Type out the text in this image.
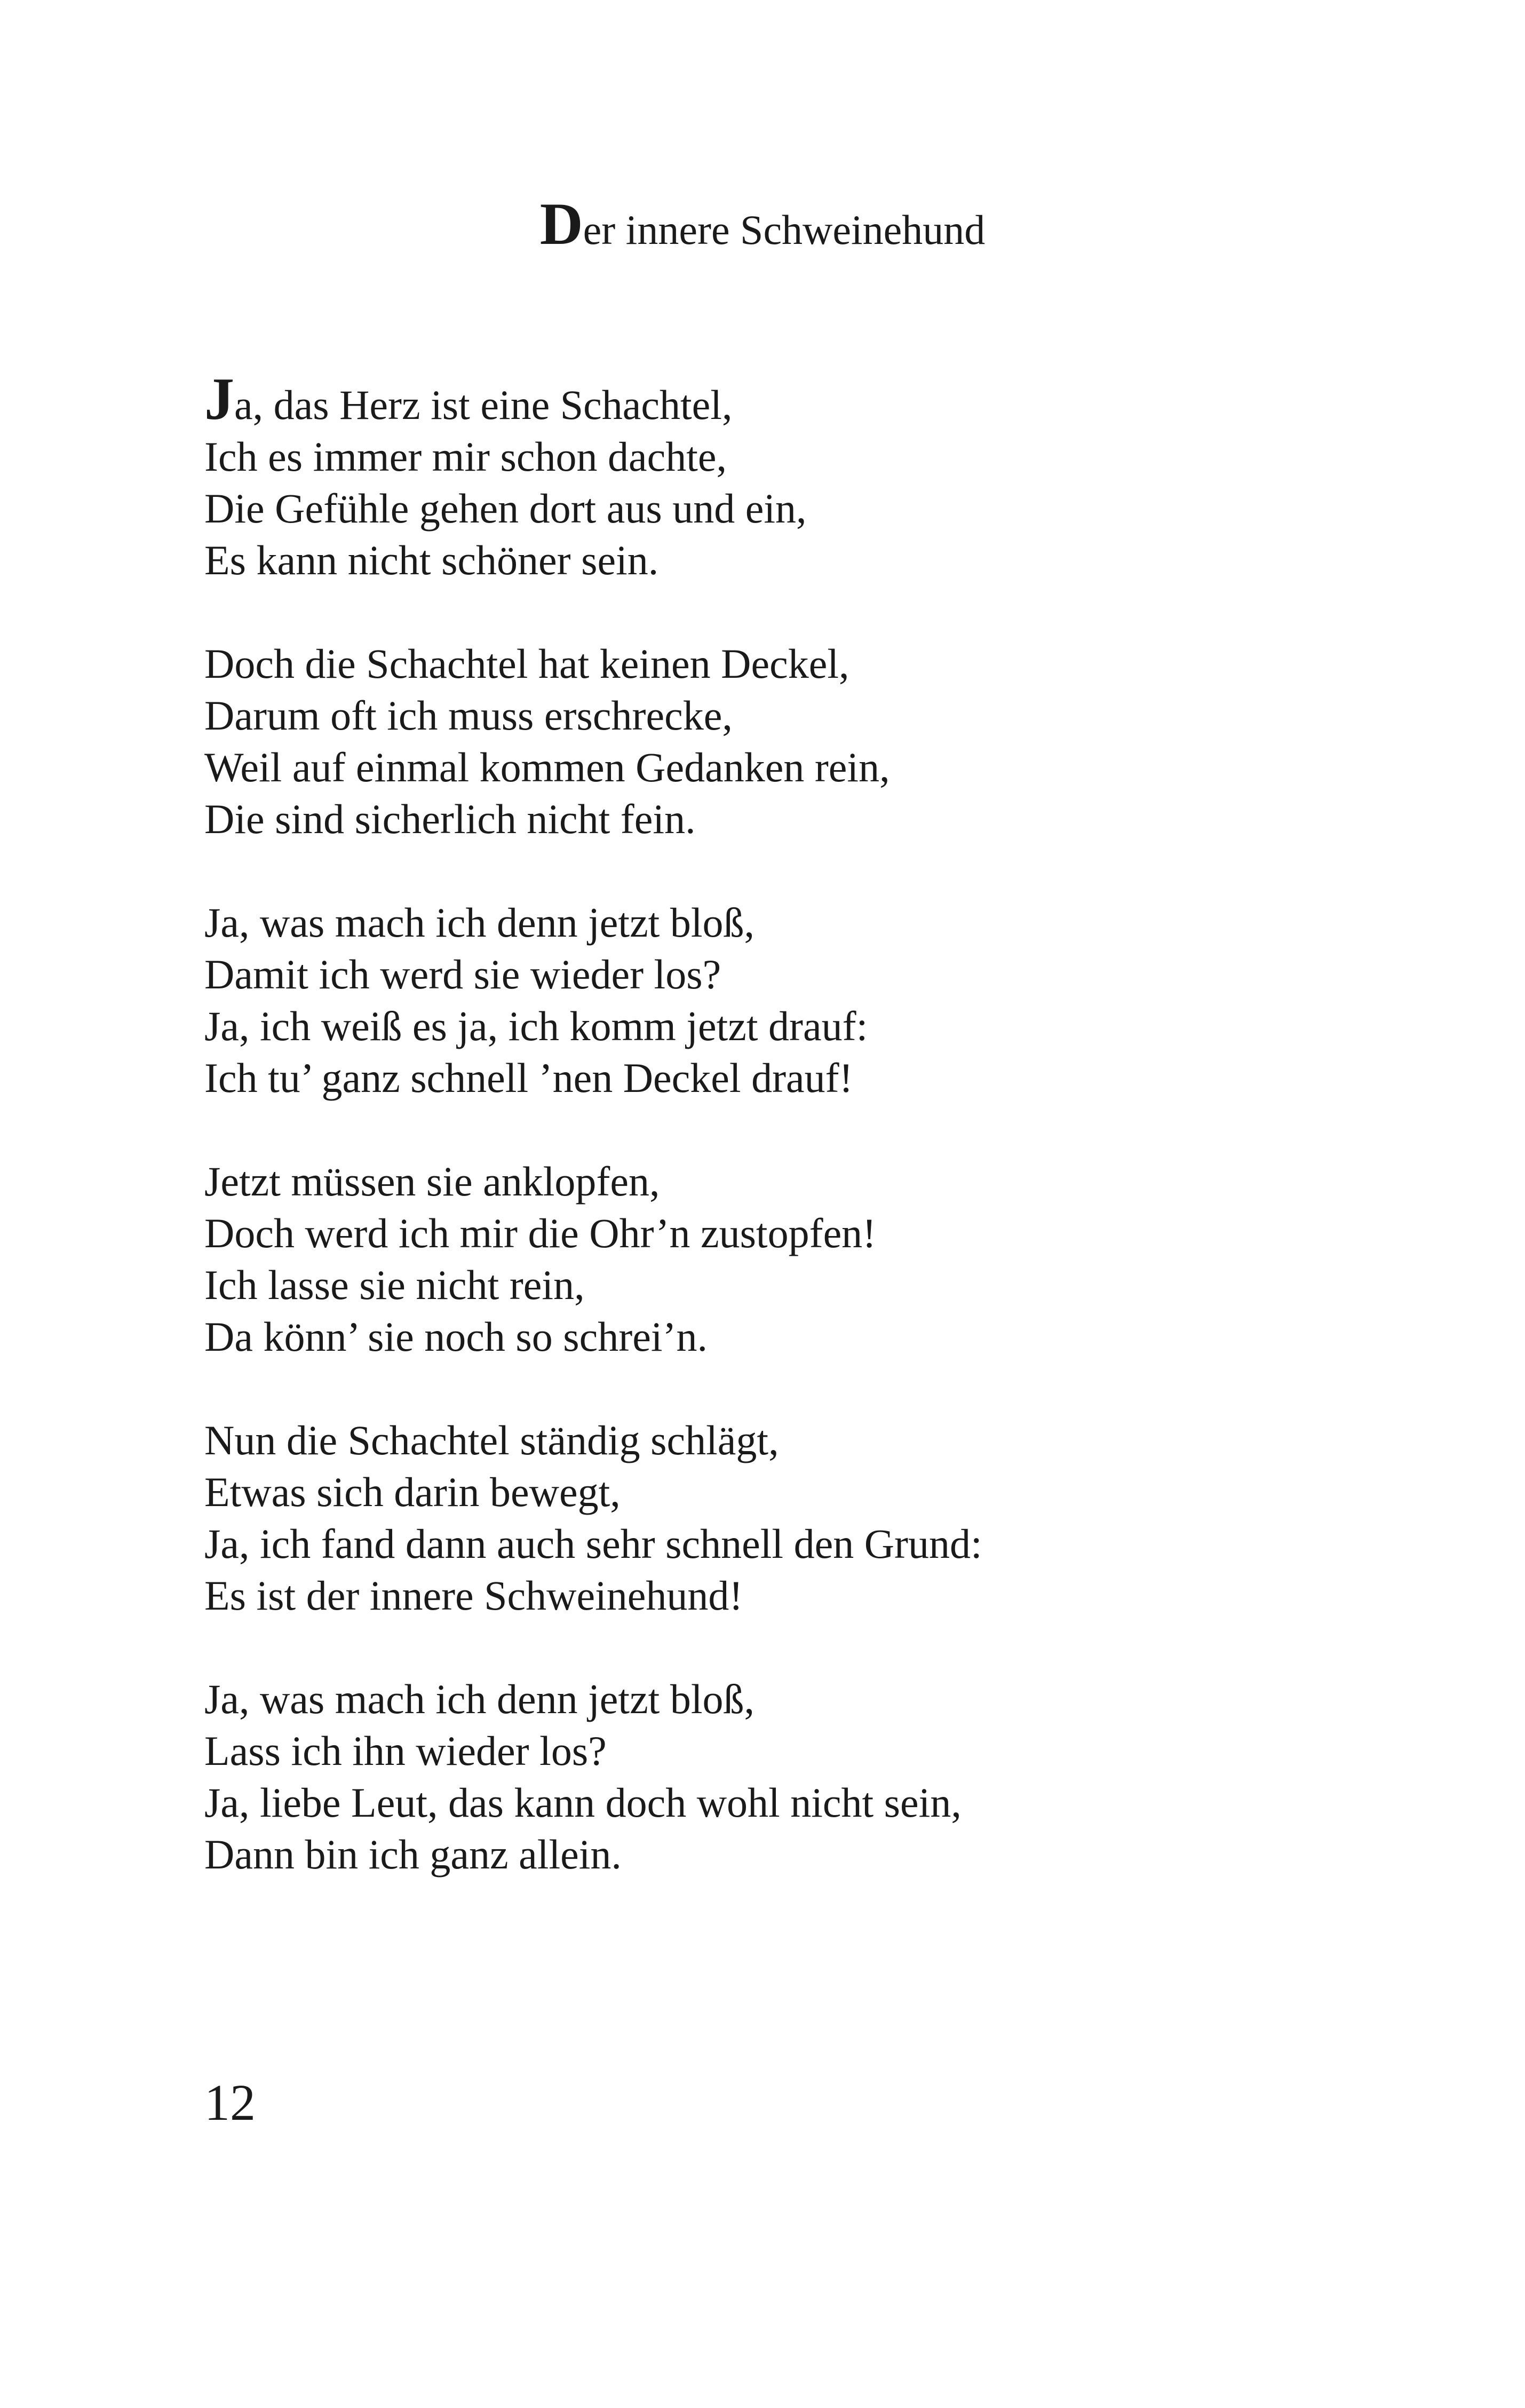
Der innere Schweinehund
Ja, das Herz ist eine Schachtel,
Ich es immer mir schon dachte,
Die Gefühle gehen dort aus und ein,
Es kann nicht schöner sein.
Doch die Schachtel hat keinen Deckel,
Darum oft ich muss erschrecke,
Weil auf einmal kommen Gedanken rein,
Die sind sicherlich nicht fein.
Ja, was mach ich denn jetzt bloß,
Damit ich werd sie wieder los?
Ja, ich weiß es ja, ich komm jetzt drauf:
Ich tu’ ganz schnell ’nen Deckel drauf!
Jetzt müssen sie anklopfen,
Doch werd ich mir die Ohr’n zustopfen!
Ich lasse sie nicht rein,
Da könn’ sie noch so schrei’n.
Nun die Schachtel ständig schlägt,
Etwas sich darin bewegt,
Ja, ich fand dann auch sehr schnell den Grund:
Es ist der innere Schweinehund!
Ja, was mach ich denn jetzt bloß,
Lass ich ihn wieder los?
Ja, liebe Leut, das kann doch wohl nicht sein,
Dann bin ich ganz allein.
12
